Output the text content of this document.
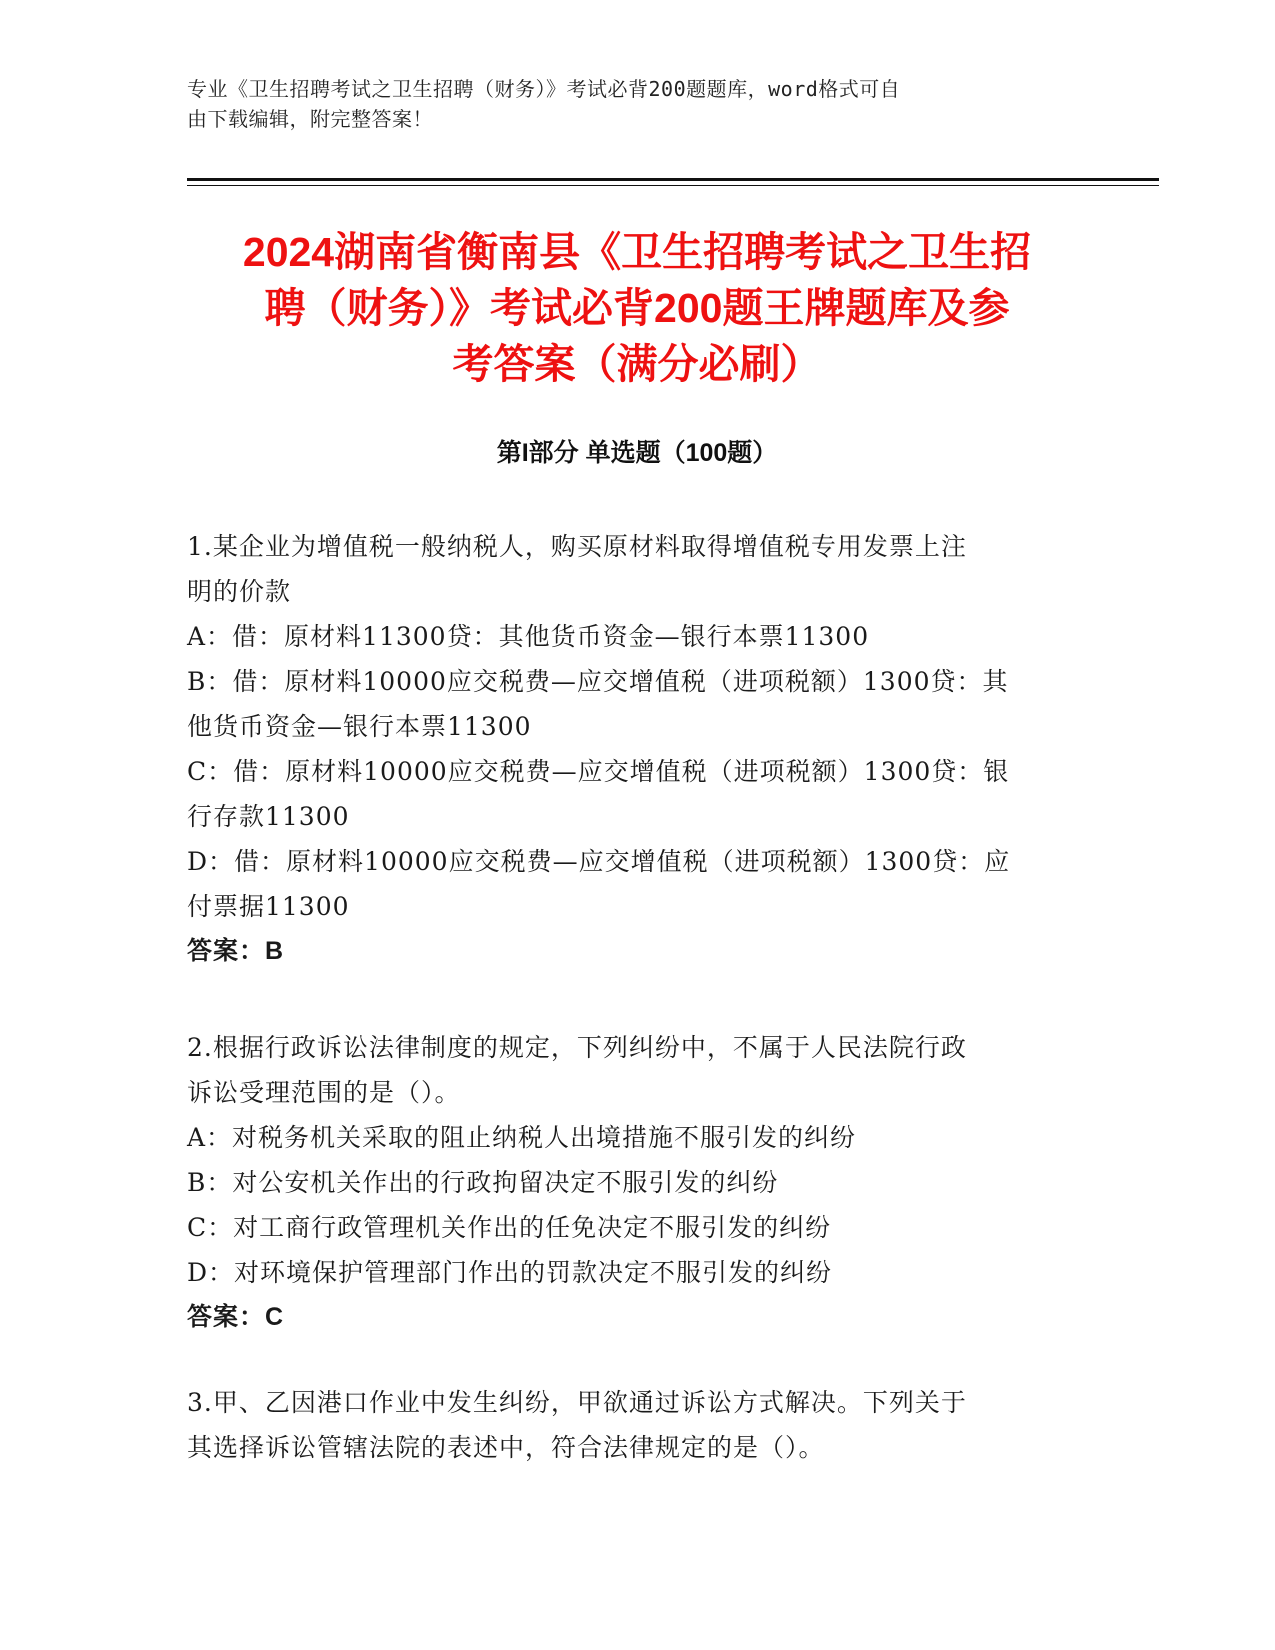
专业《卫生招聘考试之卫生招聘（财务）》考试必背200题题库，word格式可自
由下载编辑，附完整答案！
2024湖南省衡南县《卫生招聘考试之卫生招
聘（财务）》考试必背200题王牌题库及参
考答案（满分必刷）
第I部分 单选题（100题）
1.某企业为增值税一般纳税人，购买原材料取得增值税专用发票上注
明的价款
A：借：原材料11300贷：其他货币资金—银行本票11300
B：借：原材料10000应交税费—应交增值税（进项税额）1300贷：其
他货币资金—银行本票11300
C：借：原材料10000应交税费—应交增值税（进项税额）1300贷：银
行存款11300
D：借：原材料10000应交税费—应交增值税（进项税额）1300贷：应
付票据11300
答案：B
2.根据行政诉讼法律制度的规定，下列纠纷中，不属于人民法院行政
诉讼受理范围的是（）。
A：对税务机关采取的阻止纳税人出境措施不服引发的纠纷
B：对公安机关作出的行政拘留决定不服引发的纠纷
C：对工商行政管理机关作出的任免决定不服引发的纠纷
D：对环境保护管理部门作出的罚款决定不服引发的纠纷
答案：C
3.甲、乙因港口作业中发生纠纷，甲欲通过诉讼方式解决。下列关于
其选择诉讼管辖法院的表述中，符合法律规定的是（）。
